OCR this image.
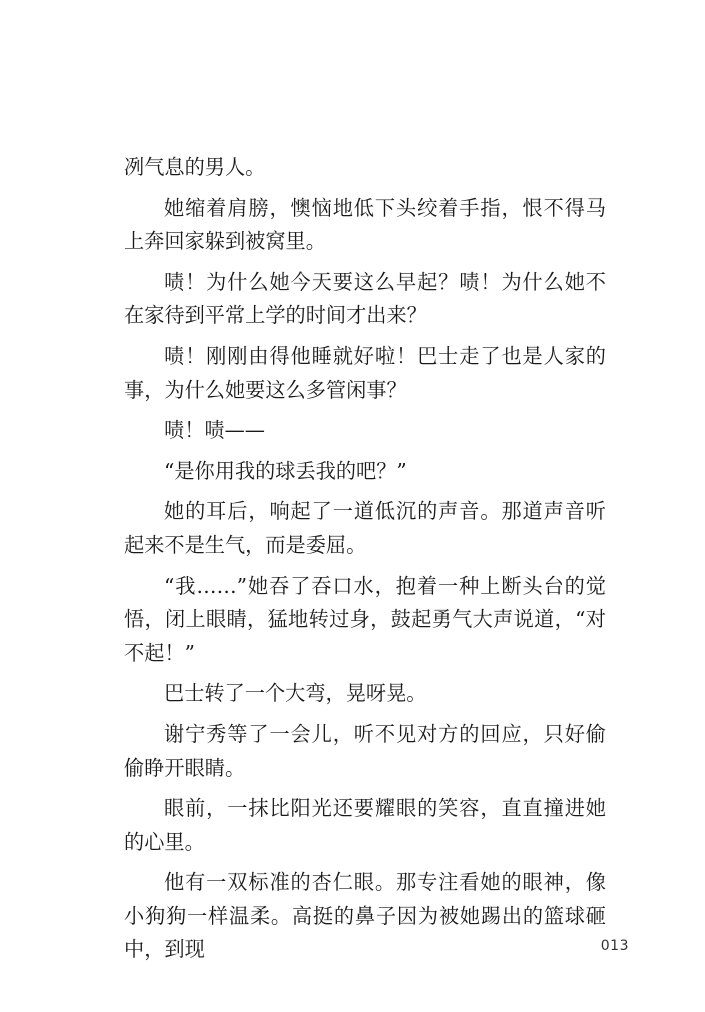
冽气息的男人。

她缩着肩膀，懊恼地低下头绞着手指，恨不得马上奔回家躲到被窝里。

啧！为什么她今天要这么早起？啧！为什么她不在家待到平常上学的时间才出来？

啧！刚刚由得他睡就好啦！巴士走了也是人家的事，为什么她要这么多管闲事？

啧！啧——

“是你用我的球丢我的吧？”

她的耳后，响起了一道低沉的声音。那道声音听起来不是生气，而是委屈。

“我……”她吞了吞口水，抱着一种上断头台的觉悟，闭上眼睛，猛地转过身，鼓起勇气大声说道，“对不起！”

巴士转了一个大弯，晃呀晃。

谢宁秀等了一会儿，听不见对方的回应，只好偷偷睁开眼睛。

眼前，一抹比阳光还要耀眼的笑容，直直撞进她的心里。

他有一双标准的杏仁眼。那专注看她的眼神，像小狗狗一样温柔。高挺的鼻子因为被她踢出的篮球砸中，到现	013
